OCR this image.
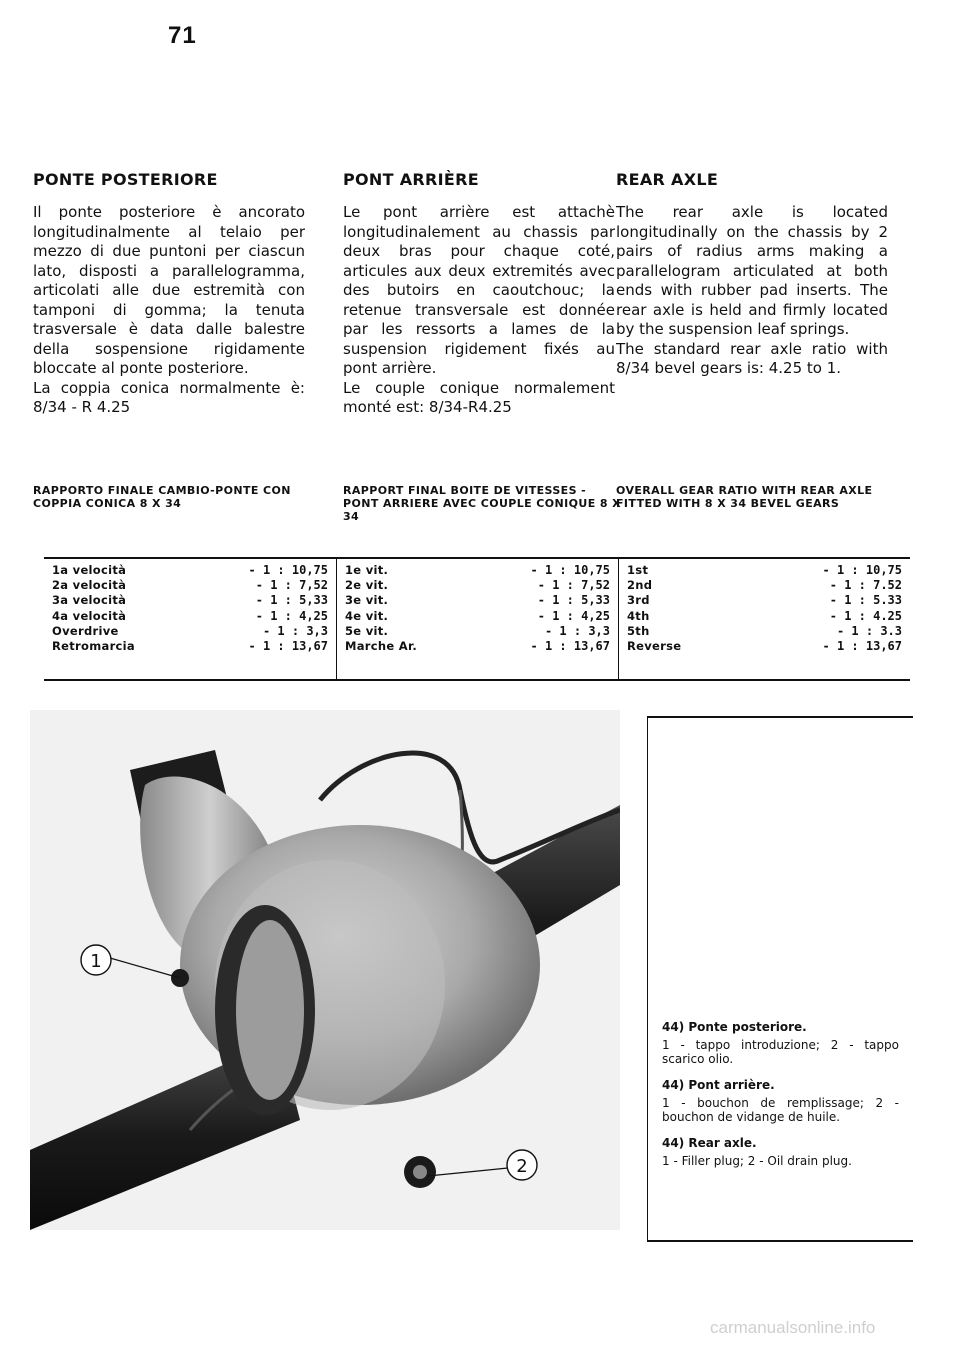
71
PONTE POSTERIORE

Il ponte posteriore è ancorato longitudinalmente al telaio per mezzo di due puntoni per ciascun lato, disposti a parallelogramma, articolati alle due estremità con tamponi di gomma; la tenuta trasversale è data dalle balestre della sospensione rigidamente bloccate al ponte posteriore.
La coppia conica normalmente è: 8/34 - R 4.25

PONT ARRIÈRE

Le pont arrière est attachè longitudinalement au chassis par deux bras pour chaque coté, articules aux deux extremités avec des butoirs en caoutchouc; la retenue transversale est donnée par les ressorts a lames de la suspension rigidement fixés au pont arrière.
Le couple conique normalement monté est: 8/34-R4.25

REAR AXLE

The rear axle is located longitudinally on the chassis by 2 pairs of radius arms making a parallelogram articulated at both ends with rubber pad inserts. The rear axle is held and firmly located by the suspension leaf springs.
The standard rear axle ratio with 8/34 bevel gears is: 4.25 to 1.

RAPPORTO FINALE CAMBIO-PONTE CON COPPIA CONICA 8 X 34
RAPPORT FINAL BOITE DE VITESSES - PONT ARRIERE AVEC COUPLE CONIQUE 8 X 34
OVERALL GEAR RATIO WITH REAR AXLE FITTED WITH 8 X 34 BEVEL GEARS
1a velocità	- 1 : 10,75
2a velocità	- 1 : 7,52
3a velocità	- 1 : 5,33
4a velocità	- 1 : 4,25
Overdrive	- 1 : 3,3
Retromarcia	- 1 : 13,67
1e vit.	- 1 : 10,75
2e vit.	- 1 : 7,52
3e vit.	- 1 : 5,33
4e vit.	- 1 : 4,25
5e vit.	- 1 : 3,3
Marche Ar.	- 1 : 13,67
1st	- 1 : 10,75
2nd	- 1 : 7.52
3rd	- 1 : 5.33
4th	- 1 : 4.25
5th	- 1 : 3.3
Reverse	- 1 : 13,67
1
2

44) Ponte posteriore.

1 - tappo introduzione; 2 - tappo scarico olio.

44) Pont arrière.

1 - bouchon de remplissage; 2 - bouchon de vidange de huile.

44) Rear axle.

1 - Filler plug; 2 - Oil drain plug.

carmanualsonline.info
